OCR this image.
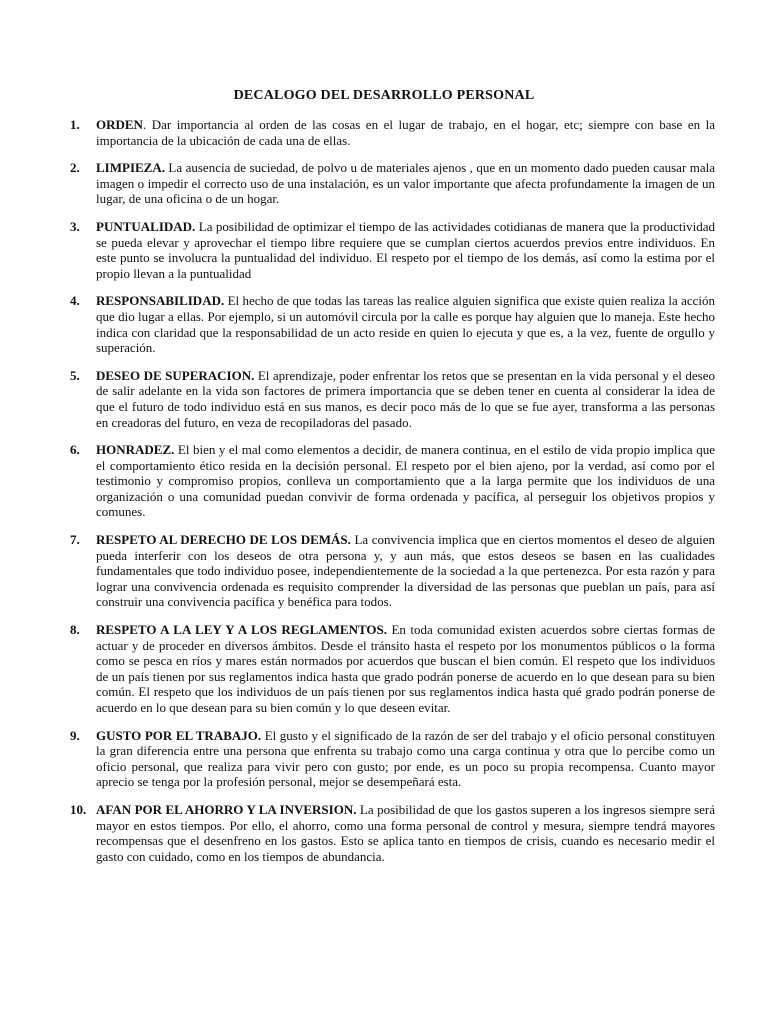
DECALOGO DEL DESARROLLO PERSONAL
1. ORDEN. Dar importancia al orden de las cosas en el lugar de trabajo, en el hogar, etc; siempre con base en la importancia de la ubicación de cada una de ellas.
2. LIMPIEZA. La ausencia de suciedad, de polvo u de materiales ajenos , que en un momento dado pueden causar mala imagen o impedir el correcto uso de una instalación, es un valor importante que afecta profundamente la imagen de un lugar, de una oficina o de un hogar.
3. PUNTUALIDAD. La posibilidad de optimizar el tiempo de las actividades cotidianas de manera que la productividad se pueda elevar y aprovechar el tiempo libre requiere que se cumplan ciertos acuerdos previos entre individuos. En este punto se involucra la puntualidad del individuo. El respeto por el tiempo de los demás, así como la estima por el propio llevan a la puntualidad
4. RESPONSABILIDAD. El hecho de que todas las tareas las realice alguien significa que existe quien realiza la acción que dio lugar a ellas. Por ejemplo, si un automóvil circula por la calle es porque hay alguien que lo maneja. Este hecho indica con claridad que la responsabilidad de un acto reside en quien lo ejecuta y que es, a la vez, fuente de orgullo y superación.
5. DESEO DE SUPERACION. El aprendizaje, poder enfrentar los retos que se presentan en la vida personal y el deseo de salir adelante en la vida son factores de primera importancia que se deben tener en cuenta al considerar la idea de que el futuro de todo individuo está en sus manos, es decir poco más de lo que se fue ayer, transforma a las personas en creadoras del futuro, en veza de recopiladoras del pasado.
6. HONRADEZ. El bien y el mal como elementos a decidir, de manera continua, en el estilo de vida propio implica que el comportamiento ético resida en la decisión personal. El respeto por el bien ajeno, por la verdad, así como por el testimonio y compromiso propios, conlleva un comportamiento que a la larga permite que los individuos de una organización o una comunidad puedan convivir de forma ordenada y pacífica, al perseguir los objetivos propios y comunes.
7. RESPETO AL DERECHO DE LOS DEMÁS. La convivencia implica que en ciertos momentos el deseo de alguien pueda interferir con los deseos de otra persona y, y aun más, que estos deseos se basen en las cualidades fundamentales que todo individuo posee, independientemente de la sociedad a la que pertenezca. Por esta razón y para lograr una convivencia ordenada es requisito comprender la diversidad de las personas que pueblan un país, para así construir una convivencia pacífica y benéfica para todos.
8. RESPETO A LA LEY Y A LOS REGLAMENTOS. En toda comunidad existen acuerdos sobre ciertas formas de actuar y de proceder en diversos ámbitos. Desde el tránsito hasta el respeto por los monumentos públicos o la forma como se pesca en ríos y mares están normados por acuerdos que buscan el bien común. El respeto que los individuos de un país tienen por sus reglamentos indica hasta que grado podrán ponerse de acuerdo en lo que desean para su bien común. El respeto que los individuos de un país tienen por sus reglamentos indica hasta qué grado podrán ponerse de acuerdo en lo que desean para su bien común y lo que deseen evitar.
9. GUSTO POR EL TRABAJO. El gusto y el significado de la razón de ser del trabajo y el oficio personal constituyen la gran diferencia entre una persona que enfrenta su trabajo como una carga continua y otra que lo percibe como un oficio personal, que realiza para vivir pero con gusto; por ende, es un poco su propia recompensa. Cuanto mayor aprecio se tenga por la profesión personal, mejor se desempeñará esta.
10. AFAN POR EL AHORRO Y LA INVERSION. La posibilidad de que los gastos superen a los ingresos siempre será mayor en estos tiempos. Por ello, el ahorro, como una forma personal de control y mesura, siempre tendrá mayores recompensas que el desenfreno en los gastos. Esto se aplica tanto en tiempos de crisis, cuando es necesario medir el gasto con cuidado, como en los tiempos de abundancia.
